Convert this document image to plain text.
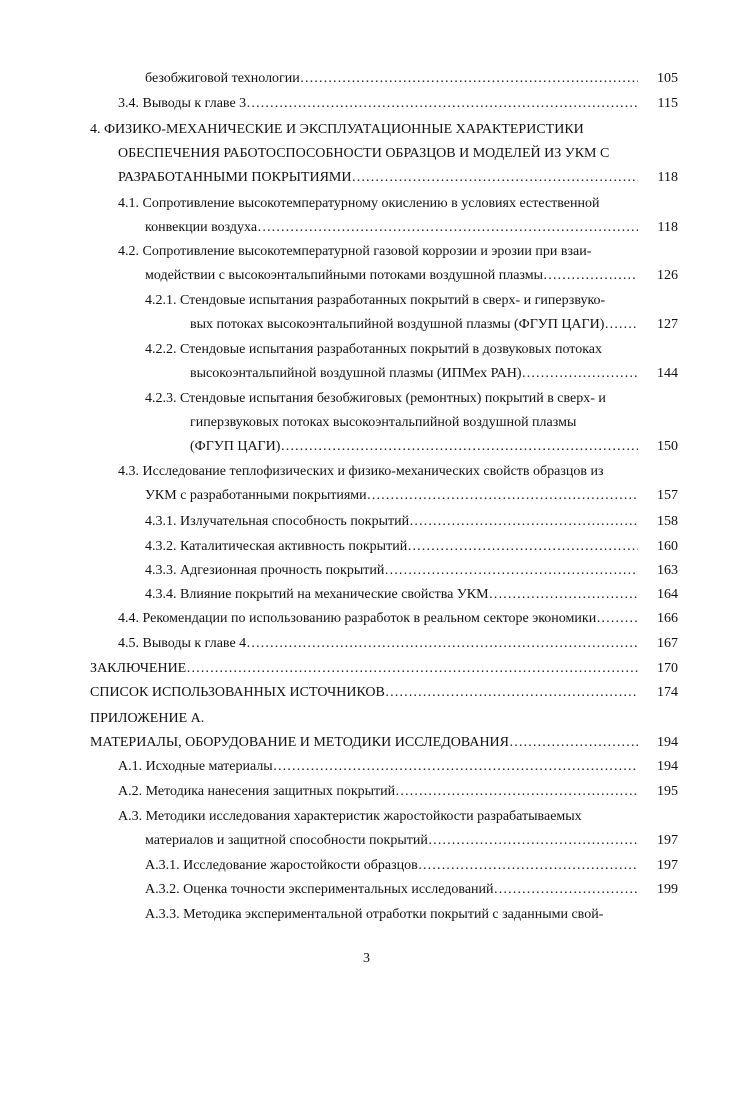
безобжиговой технологии ……………………………………………………………………………………………………………………………………………………………………………………………	105
3.4. Выводы к главе 3 ……………………………………………………………………………………………………………………………………………………………………………………………	115
4. ФИЗИКО-МЕХАНИЧЕСКИЕ И ЭКСПЛУАТАЦИОННЫЕ ХАРАКТЕРИСТИКИ
ОБЕСПЕЧЕНИЯ РАБОТОСПОСОБНОСТИ ОБРАЗЦОВ И МОДЕЛЕЙ ИЗ УКМ С
РАЗРАБОТАННЫМИ ПОКРЫТИЯМИ ……………………………………………………………………………………………………………………………………………………………………………………………	118
4.1. Сопротивление высокотемпературному окислению в условиях естественной
конвекции воздуха ……………………………………………………………………………………………………………………………………………………………………………………………	118
4.2. Сопротивление высокотемпературной газовой коррозии и эрозии при взаи-
модействии с высокоэнтальпийными потоками воздушной плазмы ……………………………………………………………………………………………………………………………………………………………………………………………	126
4.2.1. Стендовые испытания разработанных покрытий в сверх- и гиперзвуко-
вых потоках высокоэнтальпийной воздушной плазмы (ФГУП ЦАГИ) ……………………………………………………………………………………………………………………………………………………………………………………………	127
4.2.2. Стендовые испытания разработанных покрытий в дозвуковых потоках
высокоэнтальпийной воздушной плазмы (ИПМех РАН) ……………………………………………………………………………………………………………………………………………………………………………………………	144
4.2.3. Стендовые испытания безобжиговых (ремонтных) покрытий в сверх- и
гиперзвуковых потоках высокоэнтальпийной воздушной плазмы
(ФГУП ЦАГИ) ……………………………………………………………………………………………………………………………………………………………………………………………	150
4.3. Исследование теплофизических и физико-механических свойств образцов из
УКМ с разработанными покрытиями ……………………………………………………………………………………………………………………………………………………………………………………………	157
4.3.1. Излучательная способность покрытий ……………………………………………………………………………………………………………………………………………………………………………………………	158
4.3.2. Каталитическая активность покрытий ……………………………………………………………………………………………………………………………………………………………………………………………	160
4.3.3. Адгезионная прочность покрытий ……………………………………………………………………………………………………………………………………………………………………………………………	163
4.3.4. Влияние покрытий на механические свойства УКМ ……………………………………………………………………………………………………………………………………………………………………………………………	164
4.4. Рекомендации по использованию разработок в реальном секторе экономики ……………………………………………………………………………………………………………………………………………………………………………………………	166
4.5. Выводы к главе 4 ……………………………………………………………………………………………………………………………………………………………………………………………	167
ЗАКЛЮЧЕНИЕ ……………………………………………………………………………………………………………………………………………………………………………………………	170
СПИСОК ИСПОЛЬЗОВАННЫХ ИСТОЧНИКОВ ……………………………………………………………………………………………………………………………………………………………………………………………	174
ПРИЛОЖЕНИЕ А.
МАТЕРИАЛЫ, ОБОРУДОВАНИЕ И МЕТОДИКИ ИССЛЕДОВАНИЯ ……………………………………………………………………………………………………………………………………………………………………………………………	194
А.1. Исходные материалы ……………………………………………………………………………………………………………………………………………………………………………………………	194
А.2. Методика нанесения защитных покрытий ……………………………………………………………………………………………………………………………………………………………………………………………	195
А.3. Методики исследования характеристик жаростойкости разрабатываемых
материалов и защитной способности покрытий ……………………………………………………………………………………………………………………………………………………………………………………………	197
А.3.1. Исследование жаростойкости образцов ……………………………………………………………………………………………………………………………………………………………………………………………	197
А.3.2. Оценка точности экспериментальных исследований ……………………………………………………………………………………………………………………………………………………………………………………………	199
А.3.3. Методика экспериментальной отработки покрытий с заданными свой-
3
